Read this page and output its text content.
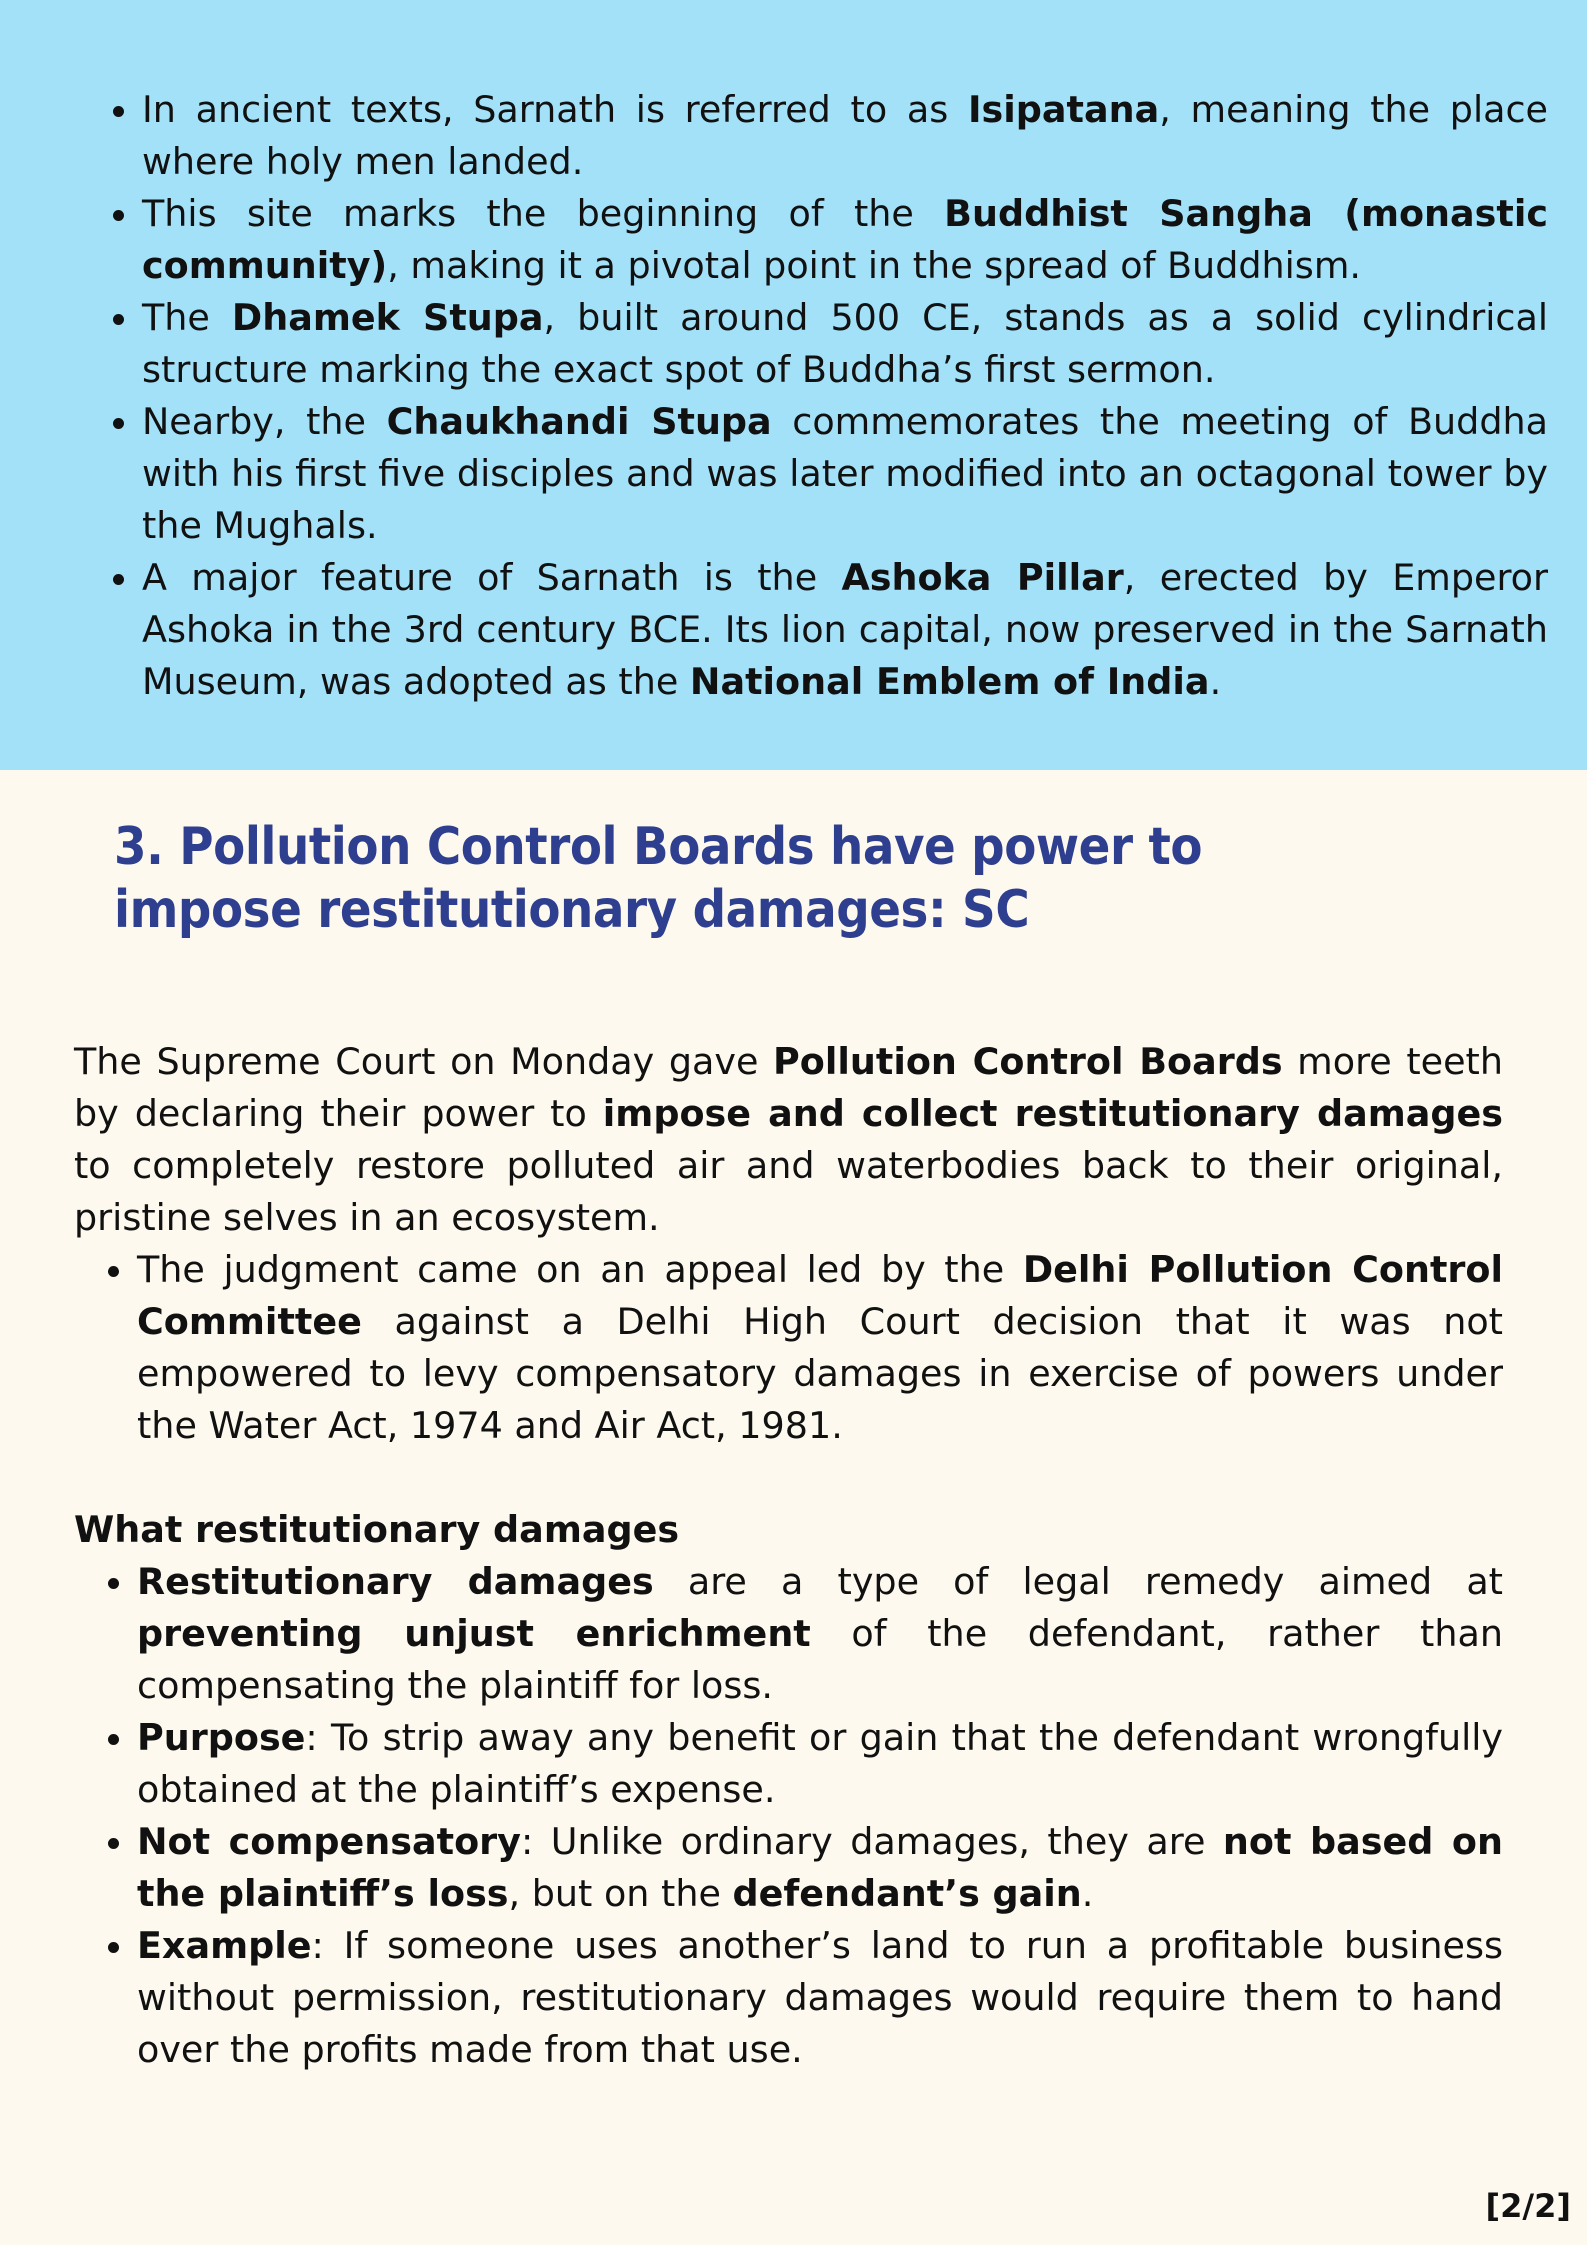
• In ancient texts, Sarnath is referred to as Isipatana, meaning the place where holy men landed.
• This site marks the beginning of the Buddhist Sangha (monastic community), making it a pivotal point in the spread of Buddhism.
• The Dhamek Stupa, built around 500 CE, stands as a solid cylindrical structure marking the exact spot of Buddha’s first sermon.
• Nearby, the Chaukhandi Stupa commemorates the meeting of Buddha with his first five disciples and was later modified into an octagonal tower by the Mughals.
• A major feature of Sarnath is the Ashoka Pillar, erected by Emperor Ashoka in the 3rd century BCE. Its lion capital, now preserved in the Sarnath Museum, was adopted as the National Emblem of India.
3. Pollution Control Boards have power to impose restitutionary damages: SC

The Supreme Court on Monday gave Pollution Control Boards more teeth by declaring their power to impose and collect restitutionary damages to completely restore polluted air and waterbodies back to their original, pristine selves in an ecosystem.

• The judgment came on an appeal led by the Delhi Pollution Control Committee against a Delhi High Court decision that it was not empowered to levy compensatory damages in exercise of powers under the Water Act, 1974 and Air Act, 1981.

What restitutionary damages

• Restitutionary damages are a type of legal remedy aimed at preventing unjust enrichment of the defendant, rather than compensating the plaintiff for loss.
• Purpose: To strip away any benefit or gain that the defendant wrongfully obtained at the plaintiff’s expense.
• Not compensatory: Unlike ordinary damages, they are not based on the plaintiff’s loss, but on the defendant’s gain.
• Example: If someone uses another’s land to run a profitable business without permission, restitutionary damages would require them to hand over the profits made from that use.
[2/2]
